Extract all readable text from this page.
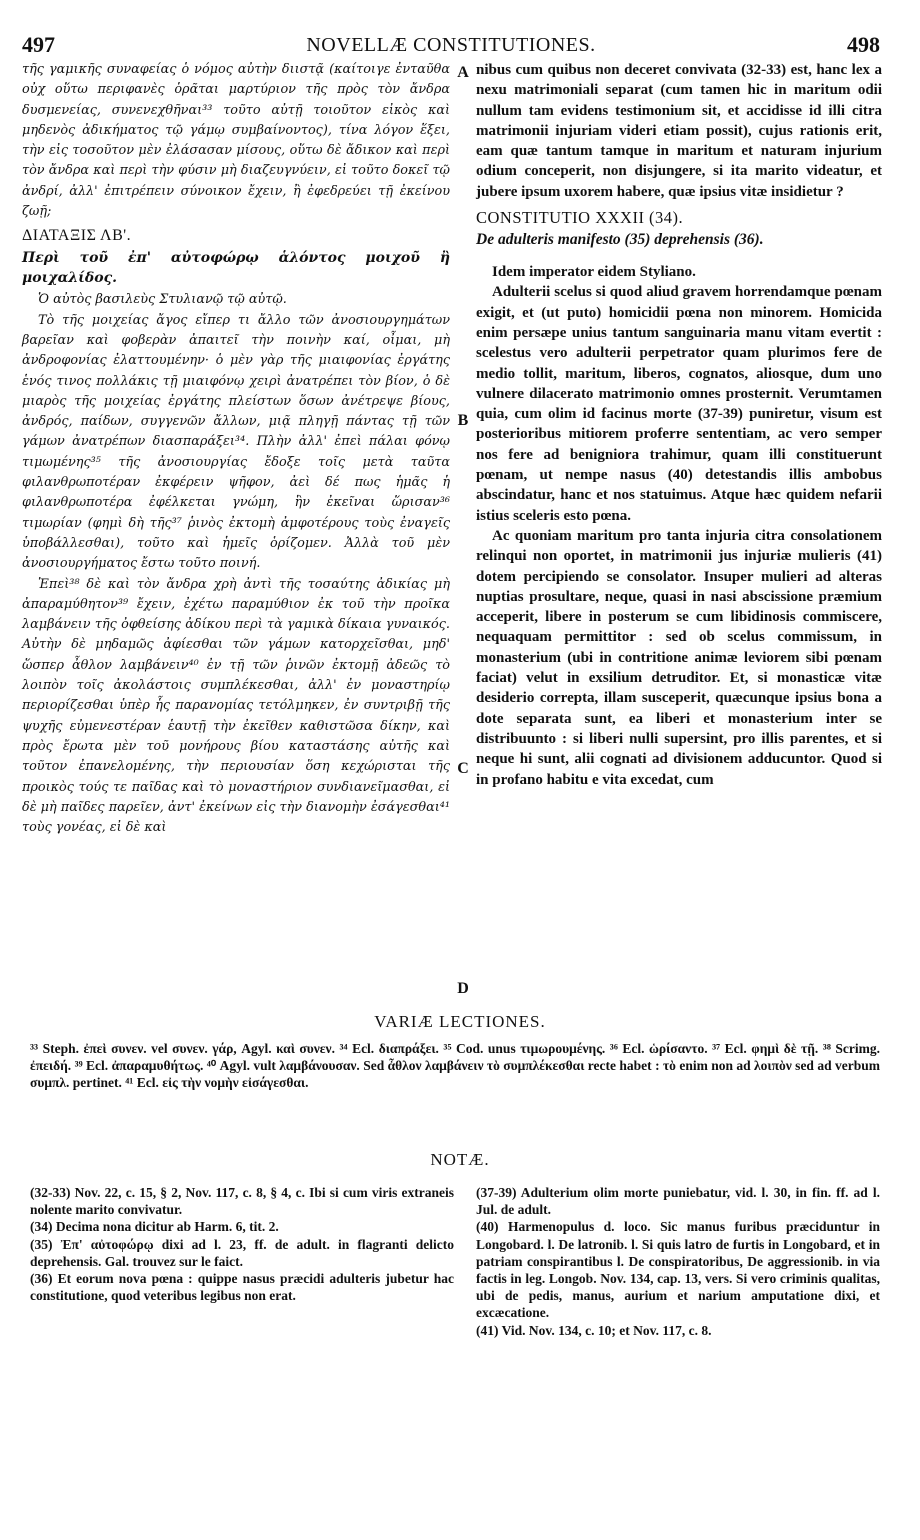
497	NOVELLÆ CONSTITUTIONES.	498

τῆς γαμικῆς συναφείας ὁ νόμος αὐτὴν διιστᾷ (καίτοιγε ἐνταῦθα οὐχ οὕτω περιφανὲς ὁρᾶται μαρτύριον τῆς πρὸς τὸν ἄνδρα δυσμενείας, συνενεχθῆναι³³ τοῦτο αὐτῇ τοιοῦτον εἰκὸς καὶ μηδενὸς ἀδικήματος τῷ γάμῳ συμβαίνοντος), τίνα λόγον ἕξει, τὴν εἰς τοσοῦτον μὲν ἐλάσασαν μίσους, οὕτω δὲ ἄδικον καὶ περὶ τὸν ἄνδρα καὶ περὶ τὴν φύσιν μὴ διαζευγνύειν, εἰ τοῦτο δοκεῖ τῷ ἀνδρί, ἀλλ' ἐπιτρέπειν σύνοικον ἔχειν, ἢ ἐφεδρεύει τῇ ἐκείνου ζωῇ;

ΔΙΑΤΑΞΙΣ ΛΒ'.

Περὶ τοῦ ἐπ' αὐτοφώρῳ ἁλόντος μοιχοῦ ἢ μοιχαλίδος.

Ὁ αὐτὸς βασιλεὺς Στυλιανῷ τῷ αὐτῷ.

Τὸ τῆς μοιχείας ἄγος εἴπερ τι ἄλλο τῶν ἀνοσιουργημάτων βαρεῖαν καὶ φοβερὰν ἀπαιτεῖ τὴν ποινὴν καί, οἶμαι, μὴ ἀνδροφονίας ἐλαττουμένην· ὁ μὲν γὰρ τῆς μιαιφονίας ἐργάτης ἑνός τινος πολλάκις τῇ μιαιφόνῳ χειρὶ ἀνατρέπει τὸν βίον, ὁ δὲ μιαρὸς τῆς μοιχείας ἐργάτης πλείστων ὅσων ἀνέτρεψε βίους, ἀνδρός, παίδων, συγγενῶν ἄλλων, μιᾷ πληγῇ πάντας τῇ τῶν γάμων ἀνατρέπων διασπαράξει³⁴. Πλὴν ἀλλ' ἐπεὶ πάλαι φόνῳ τιμωμένης³⁵ τῆς ἀνοσιουργίας ἔδοξε τοῖς μετὰ ταῦτα φιλανθρωποτέραν ἐκφέρειν ψῆφον, ἀεὶ δέ πως ἡμᾶς ἡ φιλανθρωποτέρα ἐφέλκεται γνώμη, ἣν ἐκεῖναι ὥρισαν³⁶ τιμωρίαν (φημὶ δὴ τῆς³⁷ ῥινὸς ἐκτομὴ ἀμφοτέρους τοὺς ἐναγεῖς ὑποβάλλεσθαι), τοῦτο καὶ ἡμεῖς ὁρίζομεν. Ἀλλὰ τοῦ μὲν ἀνοσιουργήματος ἔστω τοῦτο ποινή.

Ἐπεὶ³⁸ δὲ καὶ τὸν ἄνδρα χρὴ ἀντὶ τῆς τοσαύτης ἀδικίας μὴ ἀπαραμύθητον³⁹ ἔχειν, ἐχέτω παραμύθιον ἐκ τοῦ τὴν προῖκα λαμβάνειν τῆς ὀφθείσης ἀδίκου περὶ τὰ γαμικὰ δίκαια γυναικός. Αὐτὴν δὲ μηδαμῶς ἀφίεσθαι τῶν γάμων κατορχεῖσθαι, μηδ' ὥσπερ ἆθλον λαμβάνειν⁴⁰ ἐν τῇ τῶν ῥινῶν ἐκτομῇ ἀδεῶς τὸ λοιπὸν τοῖς ἀκολάστοις συμπλέκεσθαι, ἀλλ' ἐν μοναστηρίῳ περιορίζεσθαι ὑπὲρ ἧς παρανομίας τετόλμηκεν, ἐν συντριβῇ τῆς ψυχῆς εὐμενεστέραν ἑαυτῇ τὴν ἐκεῖθεν καθιστῶσα δίκην, καὶ πρὸς ἔρωτα μὲν τοῦ μονήρους βίου καταστάσης αὐτῆς καὶ τοῦτον ἐπανελομένης, τὴν περιουσίαν ὅση κεχώρισται τῆς προικὸς τούς τε παῖδας καὶ τὸ μοναστήριον συνδιανεῖμασθαι, εἰ δὲ μὴ παῖδες παρεῖεν, ἀντ' ἐκείνων εἰς τὴν διανομὴν ἐσάγεσθαι⁴¹ τοὺς γονέας, εἰ δὲ καὶ

A
B
C
D

nibus cum quibus non deceret convivata (32-33) est, hanc lex a nexu matrimoniali separat (cum tamen hic in maritum odii nullum tam evidens testimonium sit, et accidisse id illi citra matrimonii injuriam videri etiam possit), cujus rationis erit, eam quæ tantum tamque in maritum et naturam injurium odium conceperit, non disjungere, si ita marito videatur, et jubere ipsum uxorem habere, quæ ipsius vitæ insidietur ?

CONSTITUTIO XXXII (34).

De adulteris manifesto (35) deprehensis (36).

Idem imperator eidem Styliano.

Adulterii scelus si quod aliud gravem horrendamque pœnam exigit, et (ut puto) homicidii pœna non minorem. Homicida enim persæpe unius tantum sanguinaria manu vitam evertit : scelestus vero adulterii perpetrator quam plurimos fere de medio tollit, maritum, liberos, cognatos, aliosque, dum uno vulnere dilacerato matrimonio omnes prosternit. Verumtamen quia, cum olim id facinus morte (37-39) puniretur, visum est posterioribus mitiorem proferre sententiam, ac vero semper nos fere ad benigniora trahimur, quam illi constituerunt pœnam, ut nempe nasus (40) detestandis illis ambobus abscindatur, hanc et nos statuimus. Atque hæc quidem nefarii istius sceleris esto pœna.

Ac quoniam maritum pro tanta injuria citra consolationem relinqui non oportet, in matrimonii jus injuriæ mulieris (41) dotem percipiendo se consolator. Insuper mulieri ad alteras nuptias prosultare, neque, quasi in nasi abscissione præmium acceperit, libere in posterum se cum libidinosis commiscere, nequaquam permittitor : sed ob scelus commissum, in monasterium (ubi in contritione animæ leviorem sibi pœnam faciat) velut in exsilium detruditor. Et, si monasticæ vitæ desiderio correpta, illam susceperit, quæcunque ipsius bona a dote separata sunt, ea liberi et monasterium inter se distribuunto : si liberi nulli supersint, pro illis parentes, et si neque hi sunt, alii cognati ad divisionem adducuntor. Quod si in profano habitu e vita excedat, cum

VARIÆ LECTIONES.

³³ Steph. ἐπεὶ συνεν. vel συνεν. γάρ, Agyl. καὶ συνεν. ³⁴ Ecl. διαπράξει. ³⁵ Cod. unus τιμωρουμένης. ³⁶ Ecl. ὡρίσαντο. ³⁷ Ecl. φημὶ δὲ τῇ. ³⁸ Scrimg. ἐπειδή. ³⁹ Ecl. ἀπαραμυθήτως. ⁴⁰ Agyl. vult λαμβάνουσαν. Sed ἆθλον λαμβάνειν τὸ συμπλέκεσθαι recte habet : τὸ enim non ad λοιπὸν sed ad verbum συμπλ. pertinet. ⁴¹ Ecl. εἰς τὴν νομὴν εἰσάγεσθαι.

NOTÆ.

(32-33) Nov. 22, c. 15, § 2, Nov. 117, c. 8, § 4, c. Ibi si cum viris extraneis nolente marito convivatur.

(34) Decima nona dicitur ab Harm. 6, tit. 2.

(35) Ἐπ' αὐτοφώρῳ dixi ad l. 23, ff. de adult. in flagranti delicto deprehensis. Gal. trouvez sur le faict.

(36) Et eorum nova pœna : quippe nasus præcidi adulteris jubetur hac constitutione, quod veteribus legibus non erat.

(37-39) Adulterium olim morte puniebatur, vid. l. 30, in fin. ff. ad l. Jul. de adult.

(40) Harmenopulus d. loco. Sic manus furibus præciduntur in Longobard. l. De latronib. l. Si quis latro de furtis in Longobard, et in patriam conspirantibus l. De conspiratoribus, De aggressionib. in via factis in leg. Longob. Nov. 134, cap. 13, vers. Si vero criminis qualitas, ubi de pedis, manus, aurium et narium amputatione dixi, et excæcatione.

(41) Vid. Nov. 134, c. 10; et Nov. 117, c. 8.
